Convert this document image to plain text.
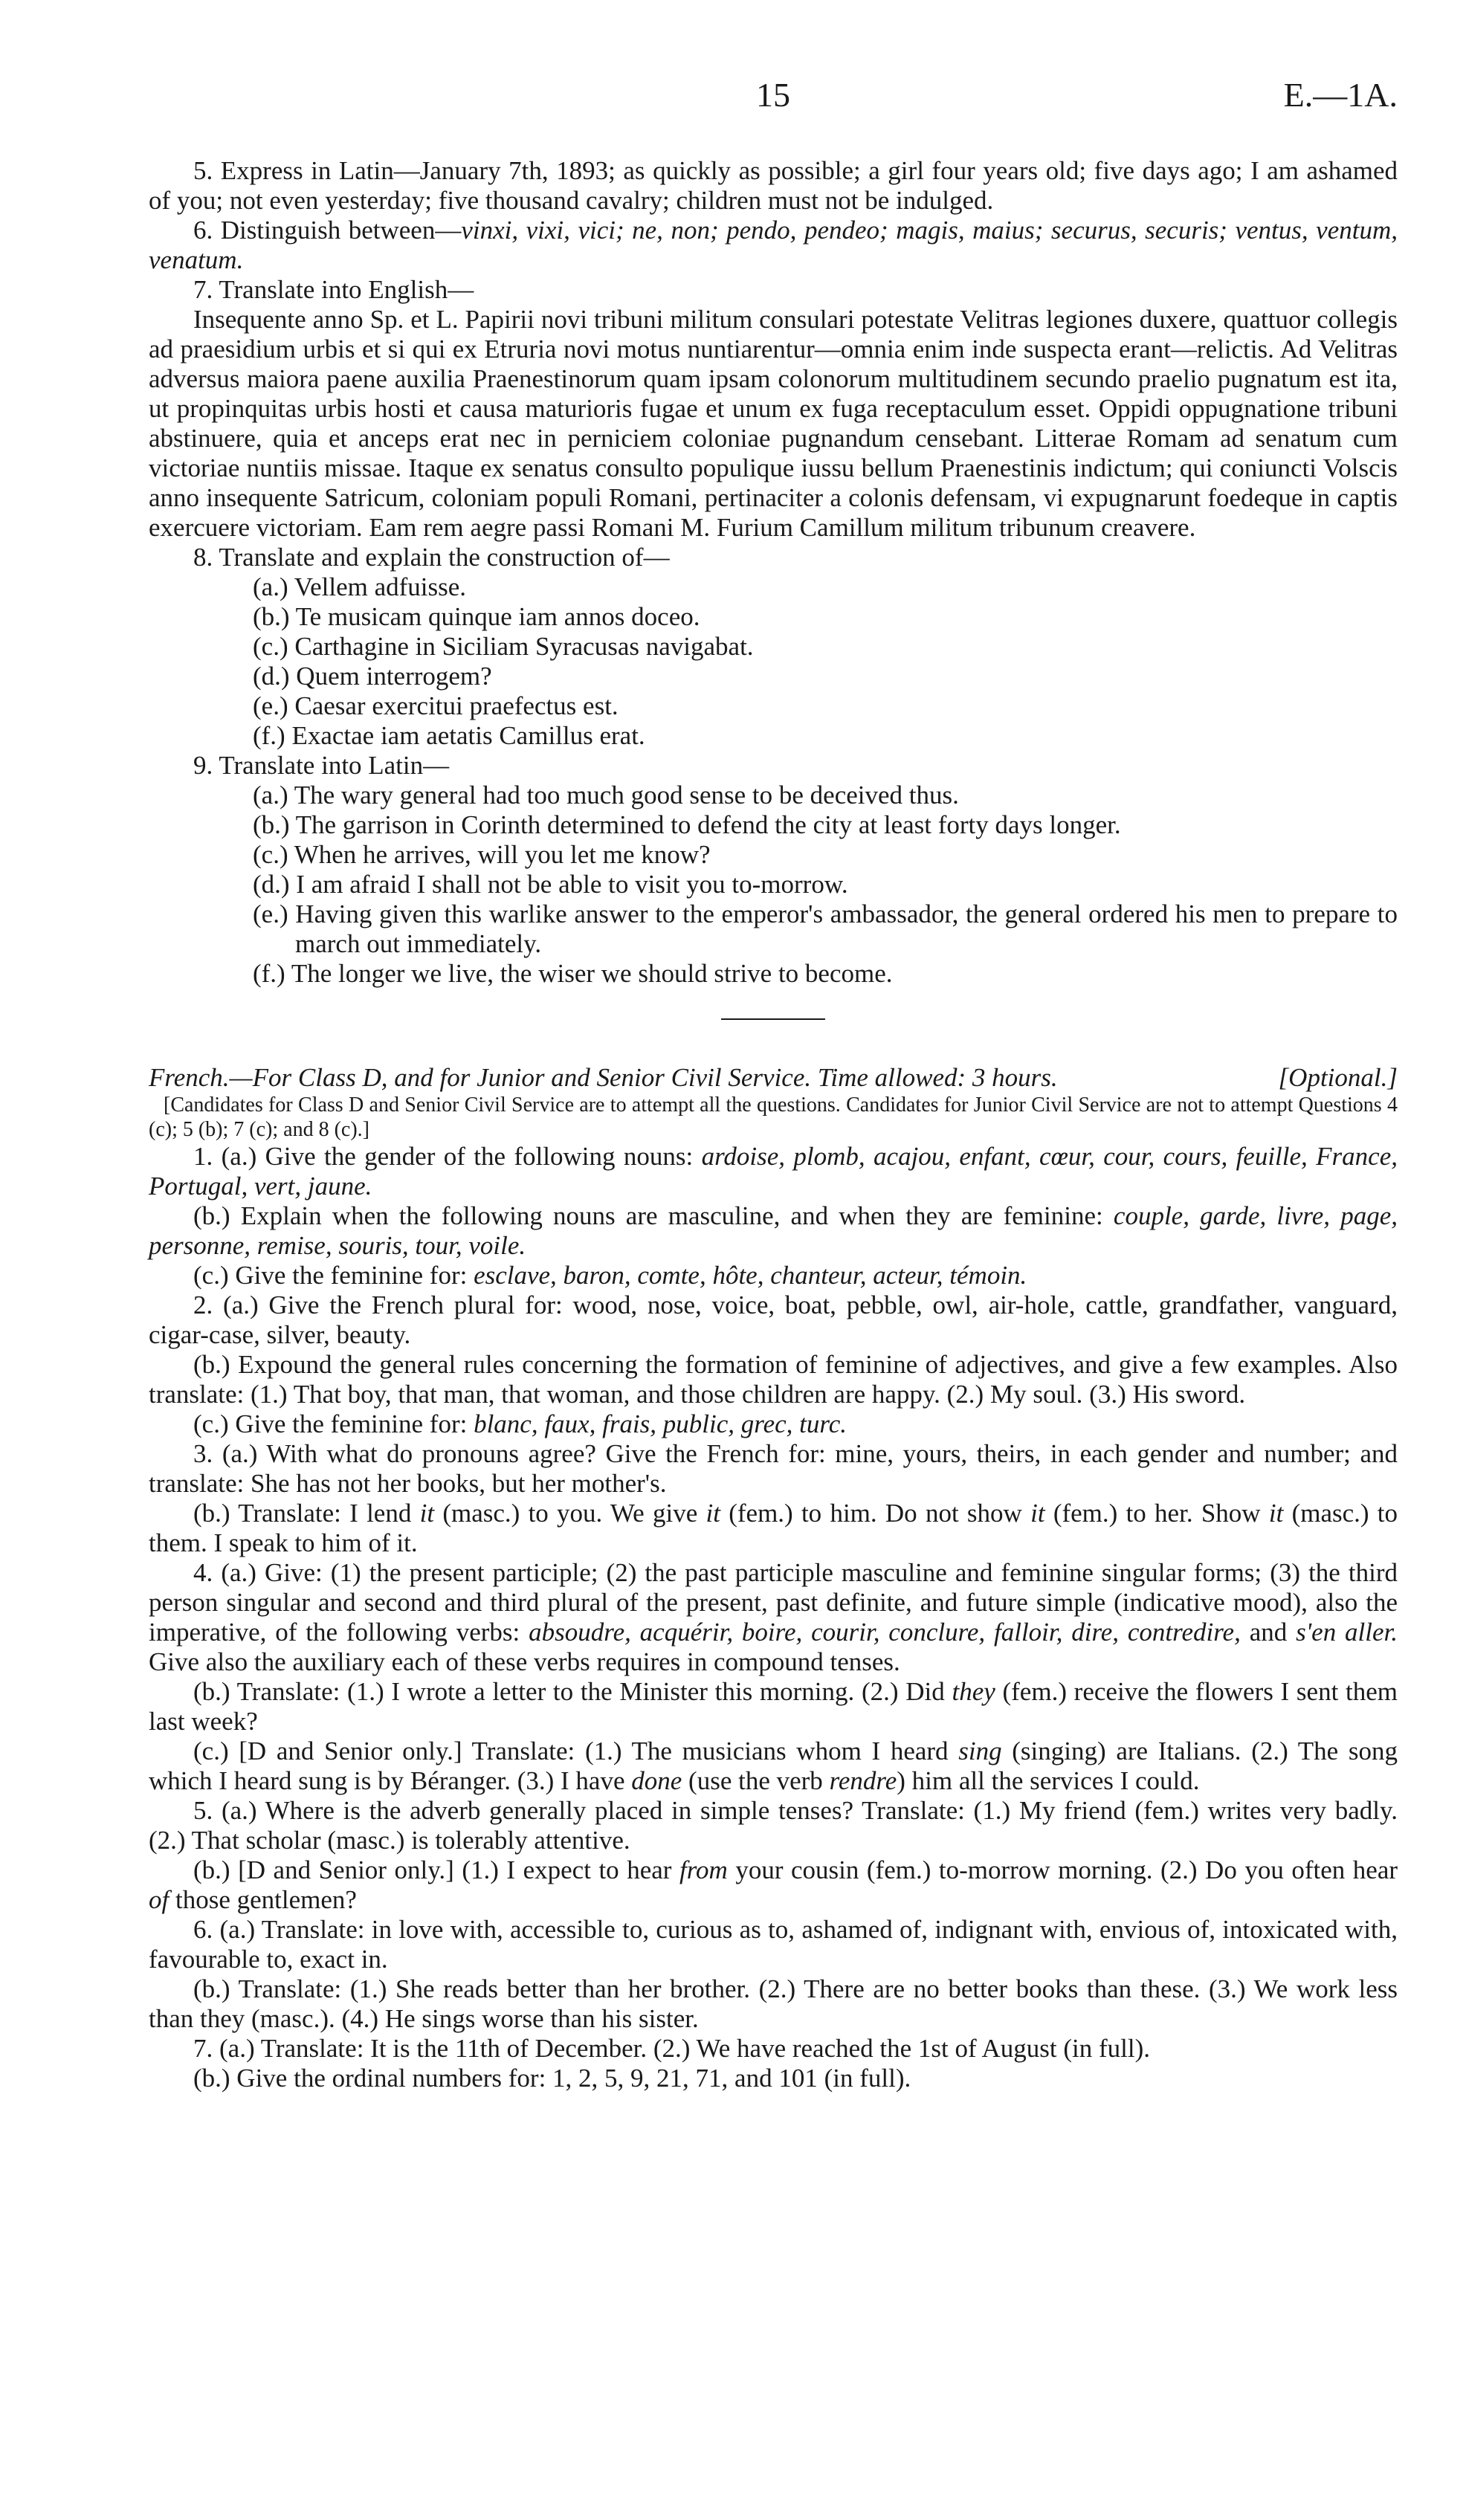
15	E.—1A.

5. Express in Latin—January 7th, 1893; as quickly as possible; a girl four years old; five days ago; I am ashamed of you; not even yesterday; five thousand cavalry; children must not be indulged.

6. Distinguish between—vinxi, vixi, vici; ne, non; pendo, pendeo; magis, maius; securus, securis; ventus, ventum, venatum.

7. Translate into English—

Insequente anno Sp. et L. Papirii novi tribuni militum consulari potestate Velitras legiones duxere, quattuor collegis ad praesidium urbis et si qui ex Etruria novi motus nuntiarentur—omnia enim inde suspecta erant—relictis. Ad Velitras adversus maiora paene auxilia Praenestinorum quam ipsam colonorum multitudinem secundo praelio pugnatum est ita, ut propinquitas urbis hosti et causa maturioris fugae et unum ex fuga receptaculum esset. Oppidi oppugnatione tribuni abstinuere, quia et anceps erat nec in perniciem coloniae pugnandum censebant. Litterae Romam ad senatum cum victoriae nuntiis missae. Itaque ex senatus consulto populique iussu bellum Praenestinis indictum; qui coniuncti Volscis anno insequente Satricum, coloniam populi Romani, pertinaciter a colonis defensam, vi expugnarunt foedeque in captis exercuere victoriam. Eam rem aegre passi Romani M. Furium Camillum militum tribunum creavere.

8. Translate and explain the construction of—

(a.) Vellem adfuisse.

(b.) Te musicam quinque iam annos doceo.

(c.) Carthagine in Siciliam Syracusas navigabat.

(d.) Quem interrogem?

(e.) Caesar exercitui praefectus est.

(f.) Exactae iam aetatis Camillus erat.

9. Translate into Latin—

(a.) The wary general had too much good sense to be deceived thus.

(b.) The garrison in Corinth determined to defend the city at least forty days longer.

(c.) When he arrives, will you let me know?

(d.) I am afraid I shall not be able to visit you to-morrow.

(e.) Having given this warlike answer to the emperor's ambassador, the general ordered his men to prepare to march out immediately.

(f.) The longer we live, the wiser we should strive to become.

French.—For Class D, and for Junior and Senior Civil Service. Time allowed: 3 hours.	[Optional.]

[Candidates for Class D and Senior Civil Service are to attempt all the questions. Candidates for Junior Civil Service are not to attempt Questions 4 (c); 5 (b); 7 (c); and 8 (c).]

1. (a.) Give the gender of the following nouns: ardoise, plomb, acajou, enfant, cœur, cour, cours, feuille, France, Portugal, vert, jaune.

(b.) Explain when the following nouns are masculine, and when they are feminine: couple, garde, livre, page, personne, remise, souris, tour, voile.

(c.) Give the feminine for: esclave, baron, comte, hôte, chanteur, acteur, témoin.

2. (a.) Give the French plural for: wood, nose, voice, boat, pebble, owl, air-hole, cattle, grandfather, vanguard, cigar-case, silver, beauty.

(b.) Expound the general rules concerning the formation of feminine of adjectives, and give a few examples. Also translate: (1.) That boy, that man, that woman, and those children are happy. (2.) My soul. (3.) His sword.

(c.) Give the feminine for: blanc, faux, frais, public, grec, turc.

3. (a.) With what do pronouns agree? Give the French for: mine, yours, theirs, in each gender and number; and translate: She has not her books, but her mother's.

(b.) Translate: I lend it (masc.) to you. We give it (fem.) to him. Do not show it (fem.) to her. Show it (masc.) to them. I speak to him of it.

4. (a.) Give: (1) the present participle; (2) the past participle masculine and feminine singular forms; (3) the third person singular and second and third plural of the present, past definite, and future simple (indicative mood), also the imperative, of the following verbs: absoudre, acquérir, boire, courir, conclure, falloir, dire, contredire, and s'en aller. Give also the auxiliary each of these verbs requires in compound tenses.

(b.) Translate: (1.) I wrote a letter to the Minister this morning. (2.) Did they (fem.) receive the flowers I sent them last week?

(c.) [D and Senior only.] Translate: (1.) The musicians whom I heard sing (singing) are Italians. (2.) The song which I heard sung is by Béranger. (3.) I have done (use the verb rendre) him all the services I could.

5. (a.) Where is the adverb generally placed in simple tenses? Translate: (1.) My friend (fem.) writes very badly. (2.) That scholar (masc.) is tolerably attentive.

(b.) [D and Senior only.] (1.) I expect to hear from your cousin (fem.) to-morrow morning. (2.) Do you often hear of those gentlemen?

6. (a.) Translate: in love with, accessible to, curious as to, ashamed of, indignant with, envious of, intoxicated with, favourable to, exact in.

(b.) Translate: (1.) She reads better than her brother. (2.) There are no better books than these. (3.) We work less than they (masc.). (4.) He sings worse than his sister.

7. (a.) Translate: It is the 11th of December. (2.) We have reached the 1st of August (in full).

(b.) Give the ordinal numbers for: 1, 2, 5, 9, 21, 71, and 101 (in full).
